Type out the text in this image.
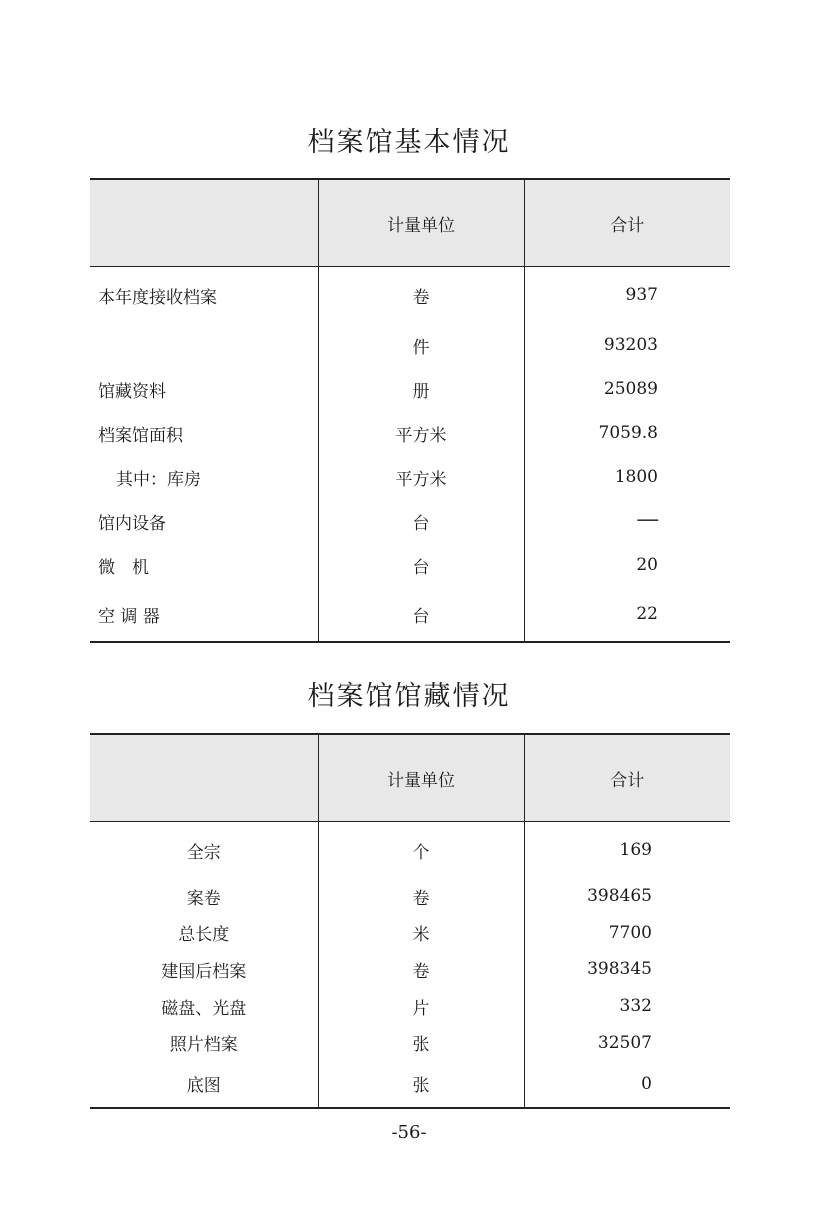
档案馆基本情况
	计量单位	合计
本年度接收档案	卷	937
	件	93203
馆藏资料	册	25089
档案馆面积	平方米	7059.8
其中：库房	平方米	1800
馆内设备	台	──
微　机	台	20
空 调 器	台	22
档案馆馆藏情况
	计量单位	合计
全宗	个	169
案卷	卷	398465
总长度	米	7700
建国后档案	卷	398345
磁盘、光盘	片	332
照片档案	张	32507
底图	张	0
-56-
